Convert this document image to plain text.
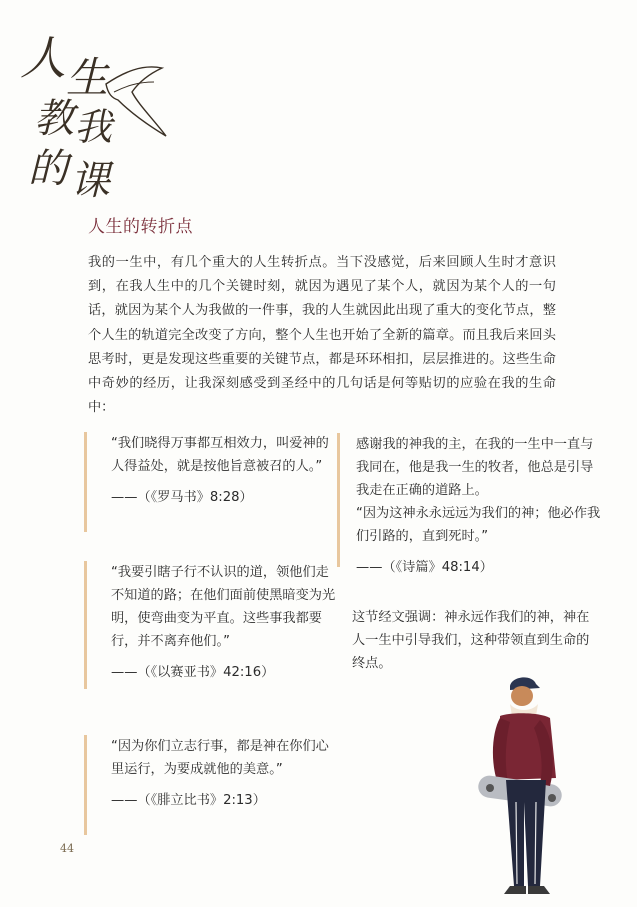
人 生
教 我
的 课
人生的转折点

我的一生中，有几个重大的人生转折点。当下没感觉，后来回顾人生时才意识到，在我人生中的几个关键时刻，就因为遇见了某个人，就因为某个人的一句话，就因为某个人为我做的一件事，我的人生就因此出现了重大的变化节点，整个人生的轨道完全改变了方向，整个人生也开始了全新的篇章。而且我后来回头思考时，更是发现这些重要的关键节点，都是环环相扣，层层推进的。这些生命中奇妙的经历，让我深刻感受到圣经中的几句话是何等贴切的应验在我的生命中：

“我们晓得万事都互相效力，叫爱神的人得益处，就是按他旨意被召的人。”

——（《罗马书》8:28）

“我要引瞎子行不认识的道，领他们走不知道的路；在他们面前使黑暗变为光明，使弯曲变为平直。这些事我都要行，并不离弃他们。”

——（《以赛亚书》42:16）

“因为你们立志行事，都是神在你们心里运行，为要成就他的美意。”

——（《腓立比书》2:13）

感谢我的神我的主，在我的一生中一直与我同在，他是我一生的牧者，他总是引导我走在正确的道路上。

“因为这神永永远远为我们的神；他必作我们引路的，直到死时。”

——（《诗篇》48:14）

这节经文强调：神永远作我们的神，神在人一生中引导我们，这种带领直到生命的终点。

44
